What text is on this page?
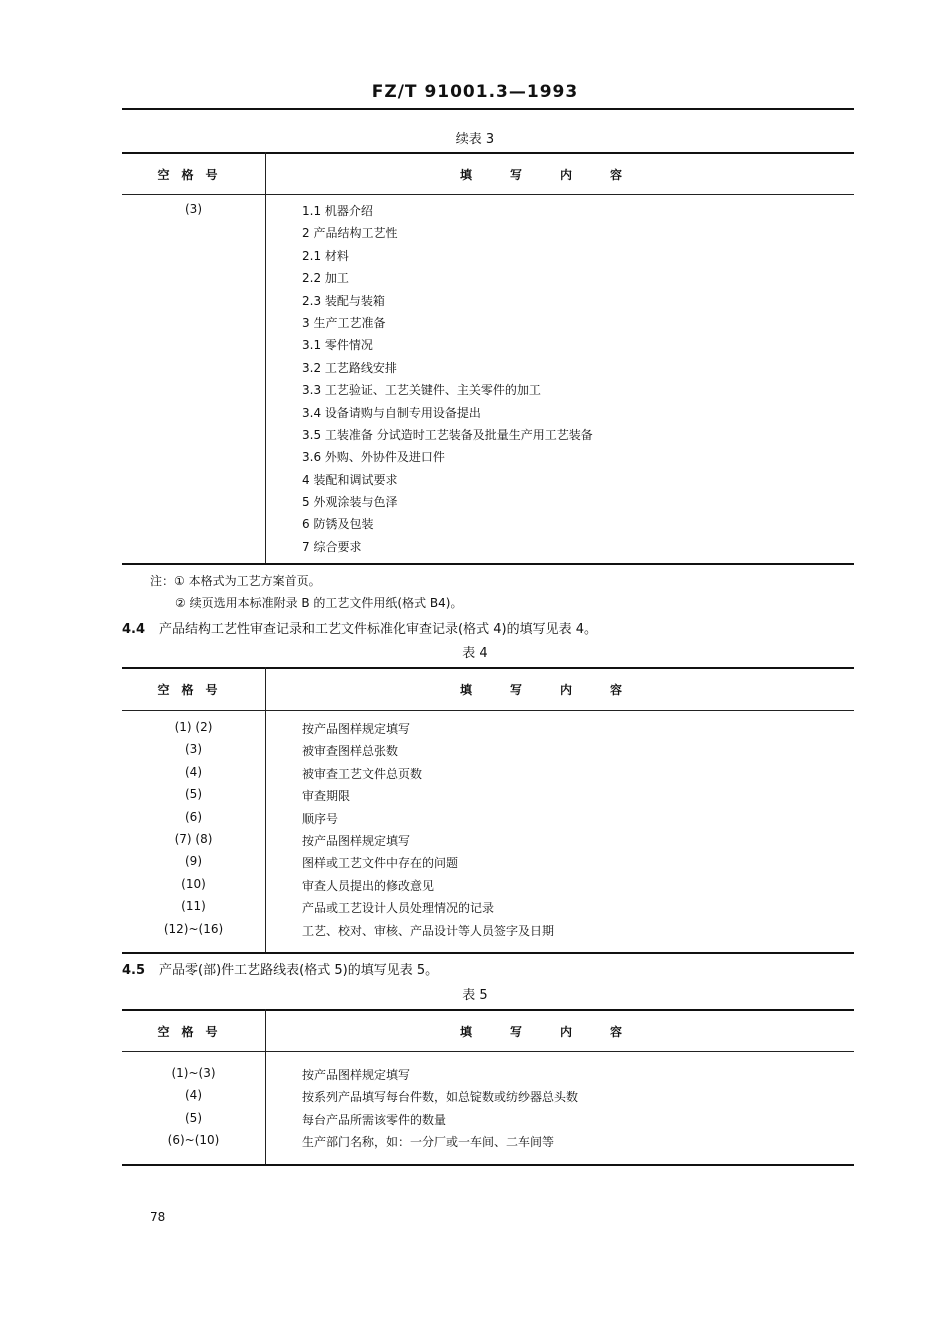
FZ/T 91001.3—1993
续表 3
空格号	填写内容
(3)	1.1 机器介绍
2 产品结构工艺性
2.1 材料
2.2 加工
2.3 装配与装箱
3 生产工艺准备
3.1 零件情况
3.2 工艺路线安排
3.3 工艺验证、工艺关键件、主关零件的加工
3.4 设备请购与自制专用设备提出
3.5 工装准备 分试造时工艺装备及批量生产用工艺装备
3.6 外购、外协件及进口件
4 装配和调试要求
5 外观涂装与色泽
6 防锈及包装
7 综合要求
注：① 本格式为工艺方案首页。
② 续页选用本标准附录 B 的工艺文件用纸(格式 B4)。
4.4 产品结构工艺性审查记录和工艺文件标准化审查记录(格式 4)的填写见表 4。
表 4
空格号	填写内容
(1) (2)	按产品图样规定填写
(3)	被审查图样总张数
(4)	被审查工艺文件总页数
(5)	审查期限
(6)	顺序号
(7) (8)	按产品图样规定填写
(9)	图样或工艺文件中存在的问题
(10)	审查人员提出的修改意见
(11)	产品或工艺设计人员处理情况的记录
(12)~(16)	工艺、校对、审核、产品设计等人员签字及日期
4.5 产品零(部)件工艺路线表(格式 5)的填写见表 5。
表 5
空格号	填写内容
(1)~(3)	按产品图样规定填写
(4)	按系列产品填写每台件数，如总锭数或纺纱器总头数
(5)	每台产品所需该零件的数量
(6)~(10)	生产部门名称，如：一分厂或一车间、二车间等
78
